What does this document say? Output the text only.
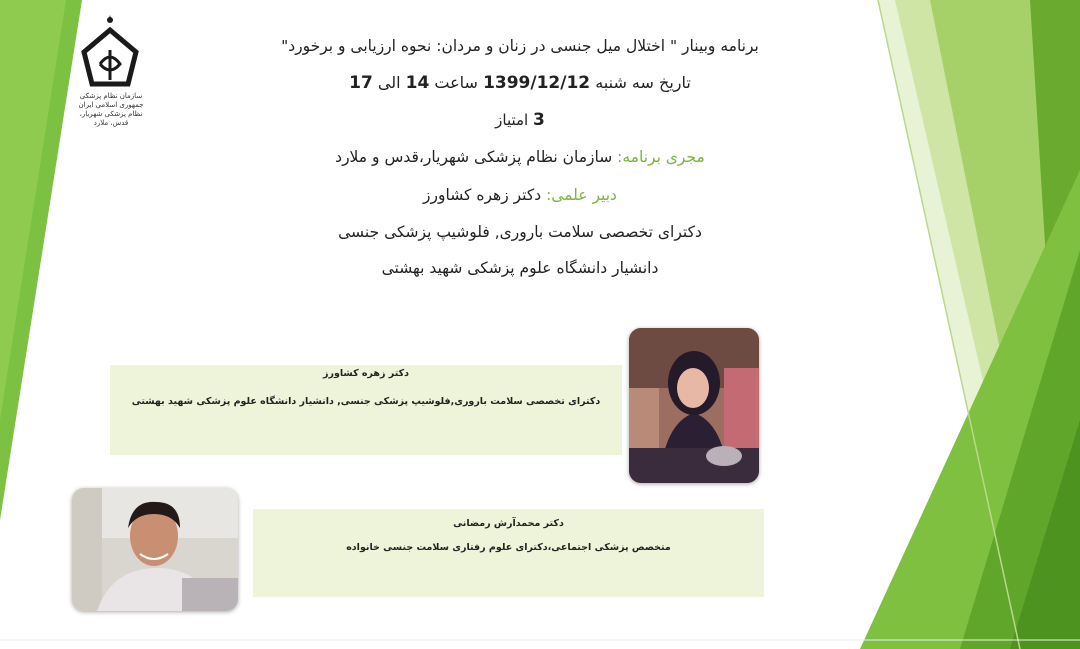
سازمان نظام پزشکی جمهوری اسلامی ایران
نظام پزشکی شهریار، قدس، ملارد
برنامه وبینار " اختلال میل جنسی در زنان و مردان: نحوه ارزیابی و برخورد"
تاریخ سه شنبه 1399/12/12 ساعت 14 الی 17
3 امتیاز
مجری برنامه: سازمان نظام پزشکی شهریار،قدس و ملارد
دبیر علمی: دکتر زهره کشاورز
دکترای تخصصی سلامت باروری, فلوشیپ پزشکی جنسی
دانشیار دانشگاه علوم پزشکی شهید بهشتی
دکتر زهره کشاورز
دکترای تخصصی سلامت باروری,فلوشیپ پزشکی جنسی, دانشیار دانشگاه علوم پزشکی شهید بهشتی
دکتر محمدآرش رمضانی
متخصص پزشکی اجتماعی،دکترای علوم رفتاری سلامت جنسی خانواده
